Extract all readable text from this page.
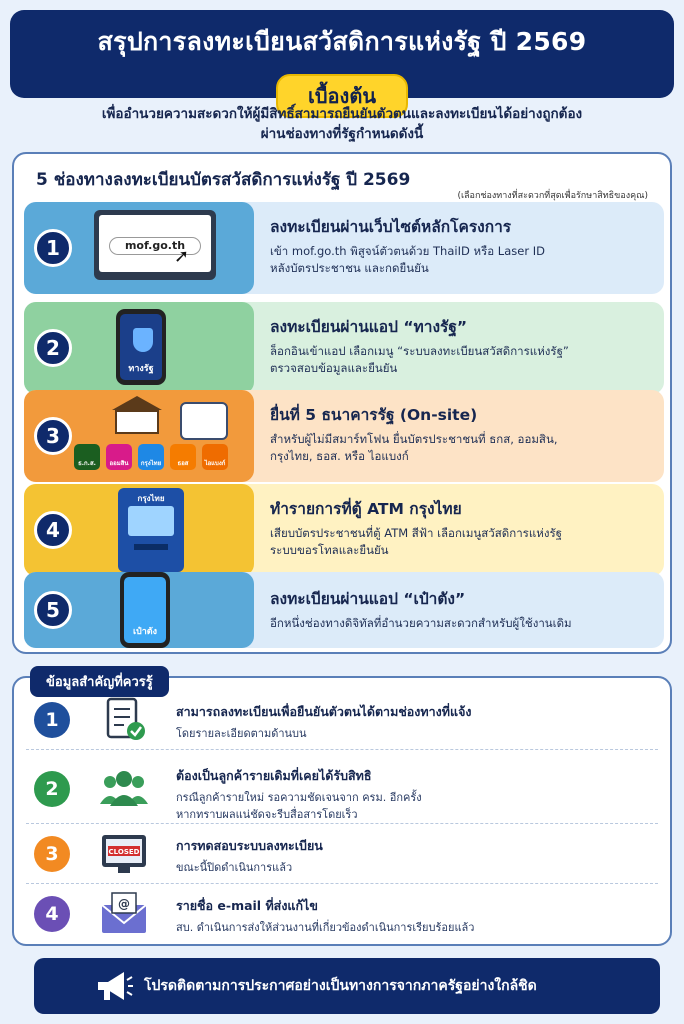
สรุปการลงทะเบียนสวัสดิการแห่งรัฐ ปี 2569
เบื้องต้น
เพื่ออำนวยความสะดวกให้ผู้มีสิทธิ์สามารถยืนยันตัวตนและลงทะเบียนได้อย่างถูกต้อง
ผ่านช่องทางที่รัฐกำหนดดังนี้
5 ช่องทางลงทะเบียนบัตรสวัสดิการแห่งรัฐ ปี 2569
(เลือกช่องทางที่สะดวกที่สุดเพื่อรักษาสิทธิของคุณ)
1	mof.go.th
➚
ลงทะเบียนผ่านเว็บไซต์หลักโครงการ
เข้า mof.go.th พิสูจน์ตัวตนด้วย ThaiID หรือ Laser ID
หลังบัตรประชาชน และกดยืนยัน
2
ทางรัฐ
ลงทะเบียนผ่านแอป “ทางรัฐ”
ล็อกอินเข้าแอป เลือกเมนู “ระบบลงทะเบียนสวัสดิการแห่งรัฐ”
ตรวจสอบข้อมูลและยืนยัน
3
ธ.ก.ส.	ออมสิน	กรุงไทย	ธอส	ไอแบงก์
ยื่นที่ 5 ธนาคารรัฐ (On-site)
สำหรับผู้ไม่มีสมาร์ทโฟน ยื่นบัตรประชาชนที่ ธกส, ออมสิน,
กรุงไทย, ธอส. หรือ ไอแบงก์
4
กรุงไทย
ทำรายการที่ตู้ ATM กรุงไทย
เสียบบัตรประชาชนที่ตู้ ATM สีฟ้า เลือกเมนูสวัสดิการแห่งรัฐ
ระบบขอรโทลและยืนยัน
5
เป๋าตัง
ลงทะเบียนผ่านแอป “เป๋าตัง”
อีกหนึ่งช่องทางดิจิทัลที่อำนวยความสะดวกสำหรับผู้ใช้งานเดิม
ข้อมูลสำคัญที่ควรรู้
1	สามารถลงทะเบียนเพื่อยืนยันตัวตนได้ตามช่องทางที่แจ้ง
โดยรายละเอียดตามด้านบน
2
ต้องเป็นลูกค้ารายเดิมที่เคยได้รับสิทธิ
กรณีลูกค้ารายใหม่ รอความชัดเจนจาก ครม. อีกครั้ง
หากทราบผลแน่ชัดจะรีบสื่อสารโดยเร็ว
3	CLOSED	การทดสอบระบบลงทะเบียน
ขณะนี้ปิดดำเนินการแล้ว
4	@	รายชื่อ e-mail ที่ส่งแก้ไข
สบ. ดำเนินการส่งให้ส่วนงานที่เกี่ยวข้องดำเนินการเรียบร้อยแล้ว
โปรดติดตามการประกาศอย่างเป็นทางการจากภาครัฐอย่างใกล้ชิด
